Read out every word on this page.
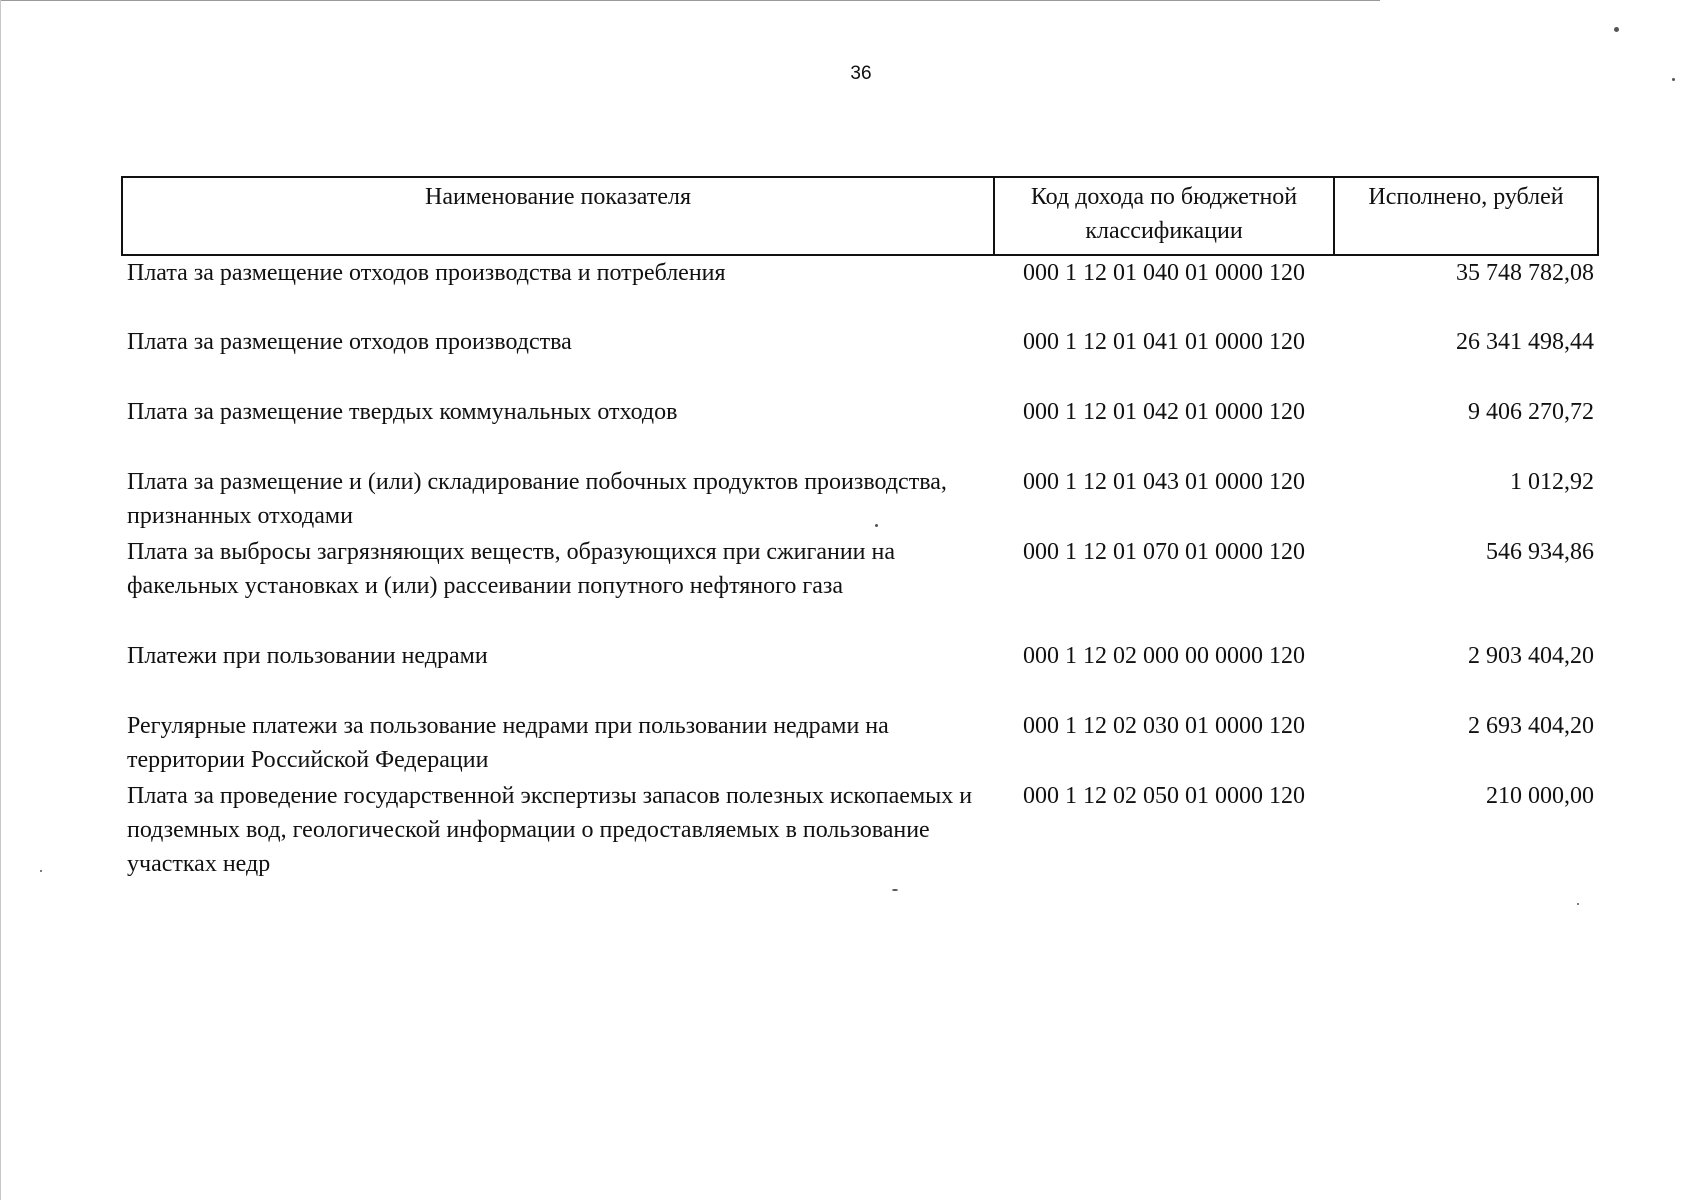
36
Наименование показателя	Код дохода по бюджетной классификации	Исполнено, рублей
Плата за размещение отходов производства и потребления	000 1 12 01 040 01 0000 120	35 748 782,08
Плата за размещение отходов производства	000 1 12 01 041 01 0000 120	26 341 498,44
Плата за размещение твердых коммунальных отходов	000 1 12 01 042 01 0000 120	9 406 270,72
Плата за размещение и (или) складирование побочных продуктов производства, признанных отходами	000 1 12 01 043 01 0000 120	1 012,92
Плата за выбросы загрязняющих веществ, образующихся при сжигании на факельных установках и (или) рассеивании попутного нефтяного газа	000 1 12 01 070 01 0000 120	546 934,86
Платежи при пользовании недрами	000 1 12 02 000 00 0000 120	2 903 404,20
Регулярные платежи за пользование недрами при пользовании недрами на территории Российской Федерации	000 1 12 02 030 01 0000 120	2 693 404,20
Плата за проведение государственной экспертизы запасов полезных ископаемых и подземных вод, геологической информации о предоставляемых в пользование участках недр	000 1 12 02 050 01 0000 120	210 000,00
